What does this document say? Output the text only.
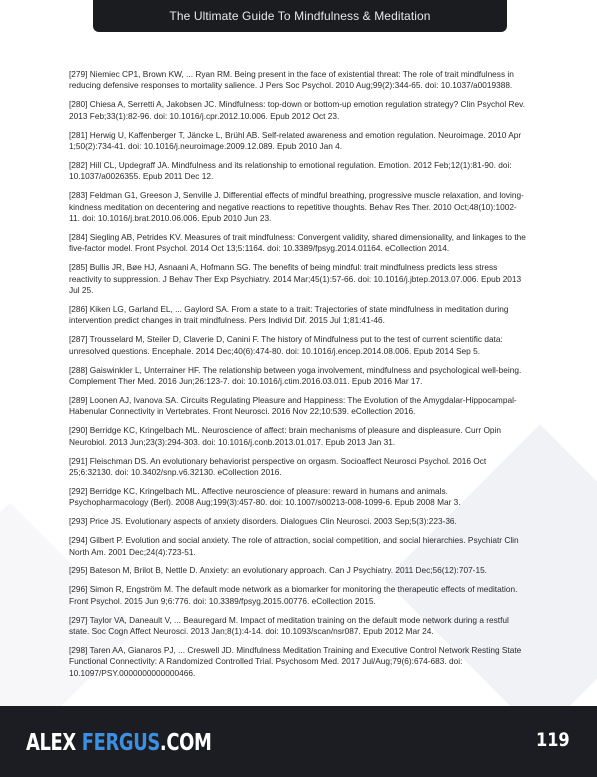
The Ultimate Guide To Mindfulness & Meditation

[279] Niemiec CP1, Brown KW, ... Ryan RM. Being present in the face of existential threat: The role of trait mindfulness in reducing defensive responses to mortality salience. J Pers Soc Psychol. 2010 Aug;99(2):344-65. doi: 10.1037/a0019388.

[280] Chiesa A, Serretti A, Jakobsen JC. Mindfulness: top-down or bottom-up emotion regulation strategy? Clin Psychol Rev. 2013 Feb;33(1):82-96. doi: 10.1016/j.cpr.2012.10.006. Epub 2012 Oct 23.

[281] Herwig U, Kaffenberger T, Jäncke L, Brühl AB. Self-related awareness and emotion regulation. Neuroimage. 2010 Apr 1;50(2):734-41. doi: 10.1016/j.neuroimage.2009.12.089. Epub 2010 Jan 4.

[282] Hill CL, Updegraff JA. Mindfulness and its relationship to emotional regulation. Emotion. 2012 Feb;12(1):81-90. doi: 10.1037/a0026355. Epub 2011 Dec 12.

[283] Feldman G1, Greeson J, Senville J. Differential effects of mindful breathing, progressive muscle relaxation, and loving-kindness meditation on decentering and negative reactions to repetitive thoughts. Behav Res Ther. 2010 Oct;48(10):1002-11. doi: 10.1016/j.brat.2010.06.006. Epub 2010 Jun 23.

[284] Siegling AB, Petrides KV. Measures of trait mindfulness: Convergent validity, shared dimensionality, and linkages to the five-factor model. Front Psychol. 2014 Oct 13;5:1164. doi: 10.3389/fpsyg.2014.01164. eCollection 2014.

[285] Bullis JR, Bøe HJ, Asnaani A, Hofmann SG. The benefits of being mindful: trait mindfulness predicts less stress reactivity to suppression. J Behav Ther Exp Psychiatry. 2014 Mar;45(1):57-66. doi: 10.1016/j.jbtep.2013.07.006. Epub 2013 Jul 25.

[286] Kiken LG, Garland EL, ... Gaylord SA. From a state to a trait: Trajectories of state mindfulness in meditation during intervention predict changes in trait mindfulness. Pers Individ Dif. 2015 Jul 1;81:41-46.

[287] Trousselard M, Steiler D, Claverie D, Canini F. The history of Mindfulness put to the test of current scientific data: unresolved questions. Encephale. 2014 Dec;40(6):474-80. doi: 10.1016/j.encep.2014.08.006. Epub 2014 Sep 5.

[288] Gaiswinkler L, Unterrainer HF. The relationship between yoga involvement, mindfulness and psychological well-being. Complement Ther Med. 2016 Jun;26:123-7. doi: 10.1016/j.ctim.2016.03.011. Epub 2016 Mar 17.

[289] Loonen AJ, Ivanova SA. Circuits Regulating Pleasure and Happiness: The Evolution of the Amygdalar-Hippocampal-Habenular Connectivity in Vertebrates. Front Neurosci. 2016 Nov 22;10:539. eCollection 2016.

[290] Berridge KC, Kringelbach ML. Neuroscience of affect: brain mechanisms of pleasure and displeasure. Curr Opin Neurobiol. 2013 Jun;23(3):294-303. doi: 10.1016/j.conb.2013.01.017. Epub 2013 Jan 31.

[291] Fleischman DS. An evolutionary behaviorist perspective on orgasm. Socioaffect Neurosci Psychol. 2016 Oct 25;6:32130. doi: 10.3402/snp.v6.32130. eCollection 2016.

[292] Berridge KC, Kringelbach ML. Affective neuroscience of pleasure: reward in humans and animals. Psychopharmacology (Berl). 2008 Aug;199(3):457-80. doi: 10.1007/s00213-008-1099-6. Epub 2008 Mar 3.

[293] Price JS. Evolutionary aspects of anxiety disorders. Dialogues Clin Neurosci. 2003 Sep;5(3):223-36.

[294] Gilbert P. Evolution and social anxiety. The role of attraction, social competition, and social hierarchies. Psychiatr Clin North Am. 2001 Dec;24(4):723-51.

[295] Bateson M, Brilot B, Nettle D. Anxiety: an evolutionary approach. Can J Psychiatry. 2011 Dec;56(12):707-15.

[296] Simon R, Engström M. The default mode network as a biomarker for monitoring the therapeutic effects of meditation. Front Psychol. 2015 Jun 9;6:776. doi: 10.3389/fpsyg.2015.00776. eCollection 2015.

[297] Taylor VA, Daneault V, ... Beauregard M. Impact of meditation training on the default mode network during a restful state. Soc Cogn Affect Neurosci. 2013 Jan;8(1):4-14. doi: 10.1093/scan/nsr087. Epub 2012 Mar 24.

[298] Taren AA, Gianaros PJ, ... Creswell JD. Mindfulness Meditation Training and Executive Control Network Resting State Functional Connectivity: A Randomized Controlled Trial. Psychosom Med. 2017 Jul/Aug;79(6):674-683. doi: 10.1097/PSY.0000000000000466.

ALEX FERGUS.COM	119
